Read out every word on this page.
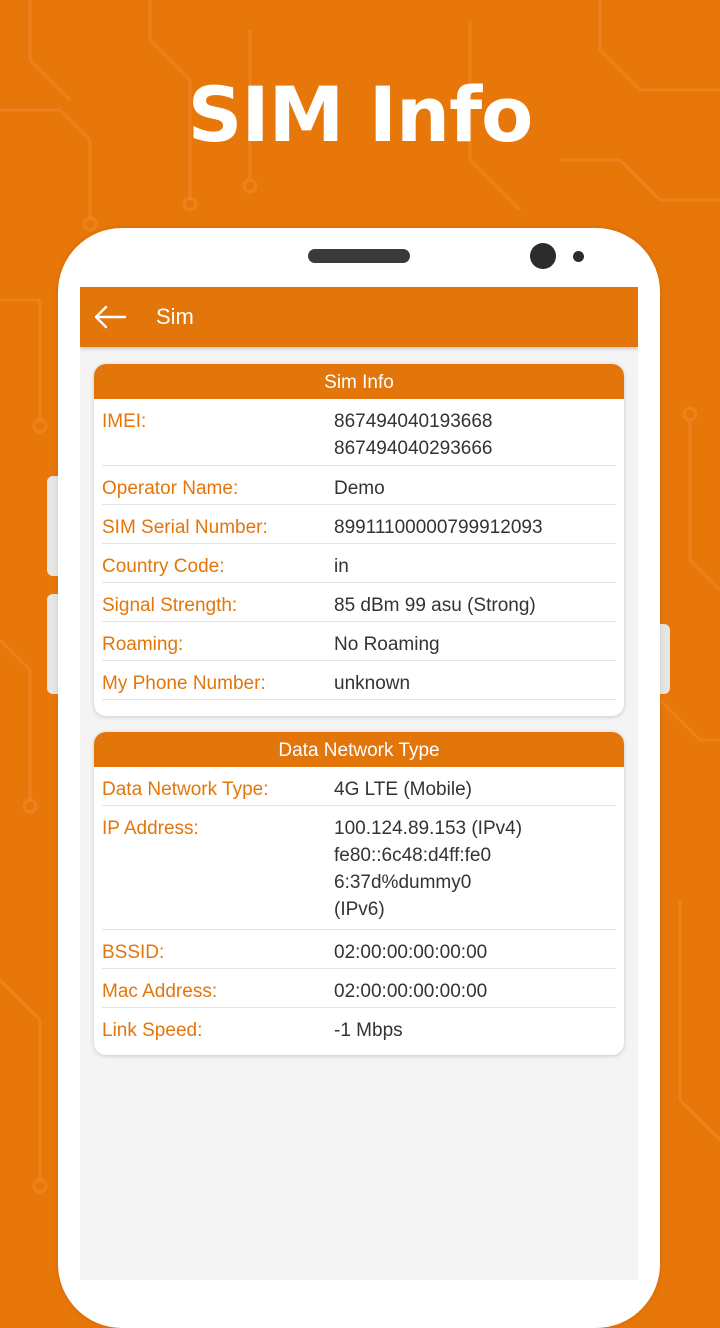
SIM Info
Sim
Sim Info
IMEI:	867494040193668
867494040293666
Operator Name:	Demo
SIM Serial Number:	89911100000799912093
Country Code:	in
Signal Strength:	85 dBm 99 asu (Strong)
Roaming:	No Roaming
My Phone Number:	unknown
Data Network Type
Data Network Type:	4G LTE (Mobile)
IP Address:	100.124.89.153 (IPv4)
fe80::6c48:d4ff:fe0
6:37d%dummy0
(IPv6)
BSSID:	02:00:00:00:00:00
Mac Address:	02:00:00:00:00:00
Link Speed:	-1 Mbps
